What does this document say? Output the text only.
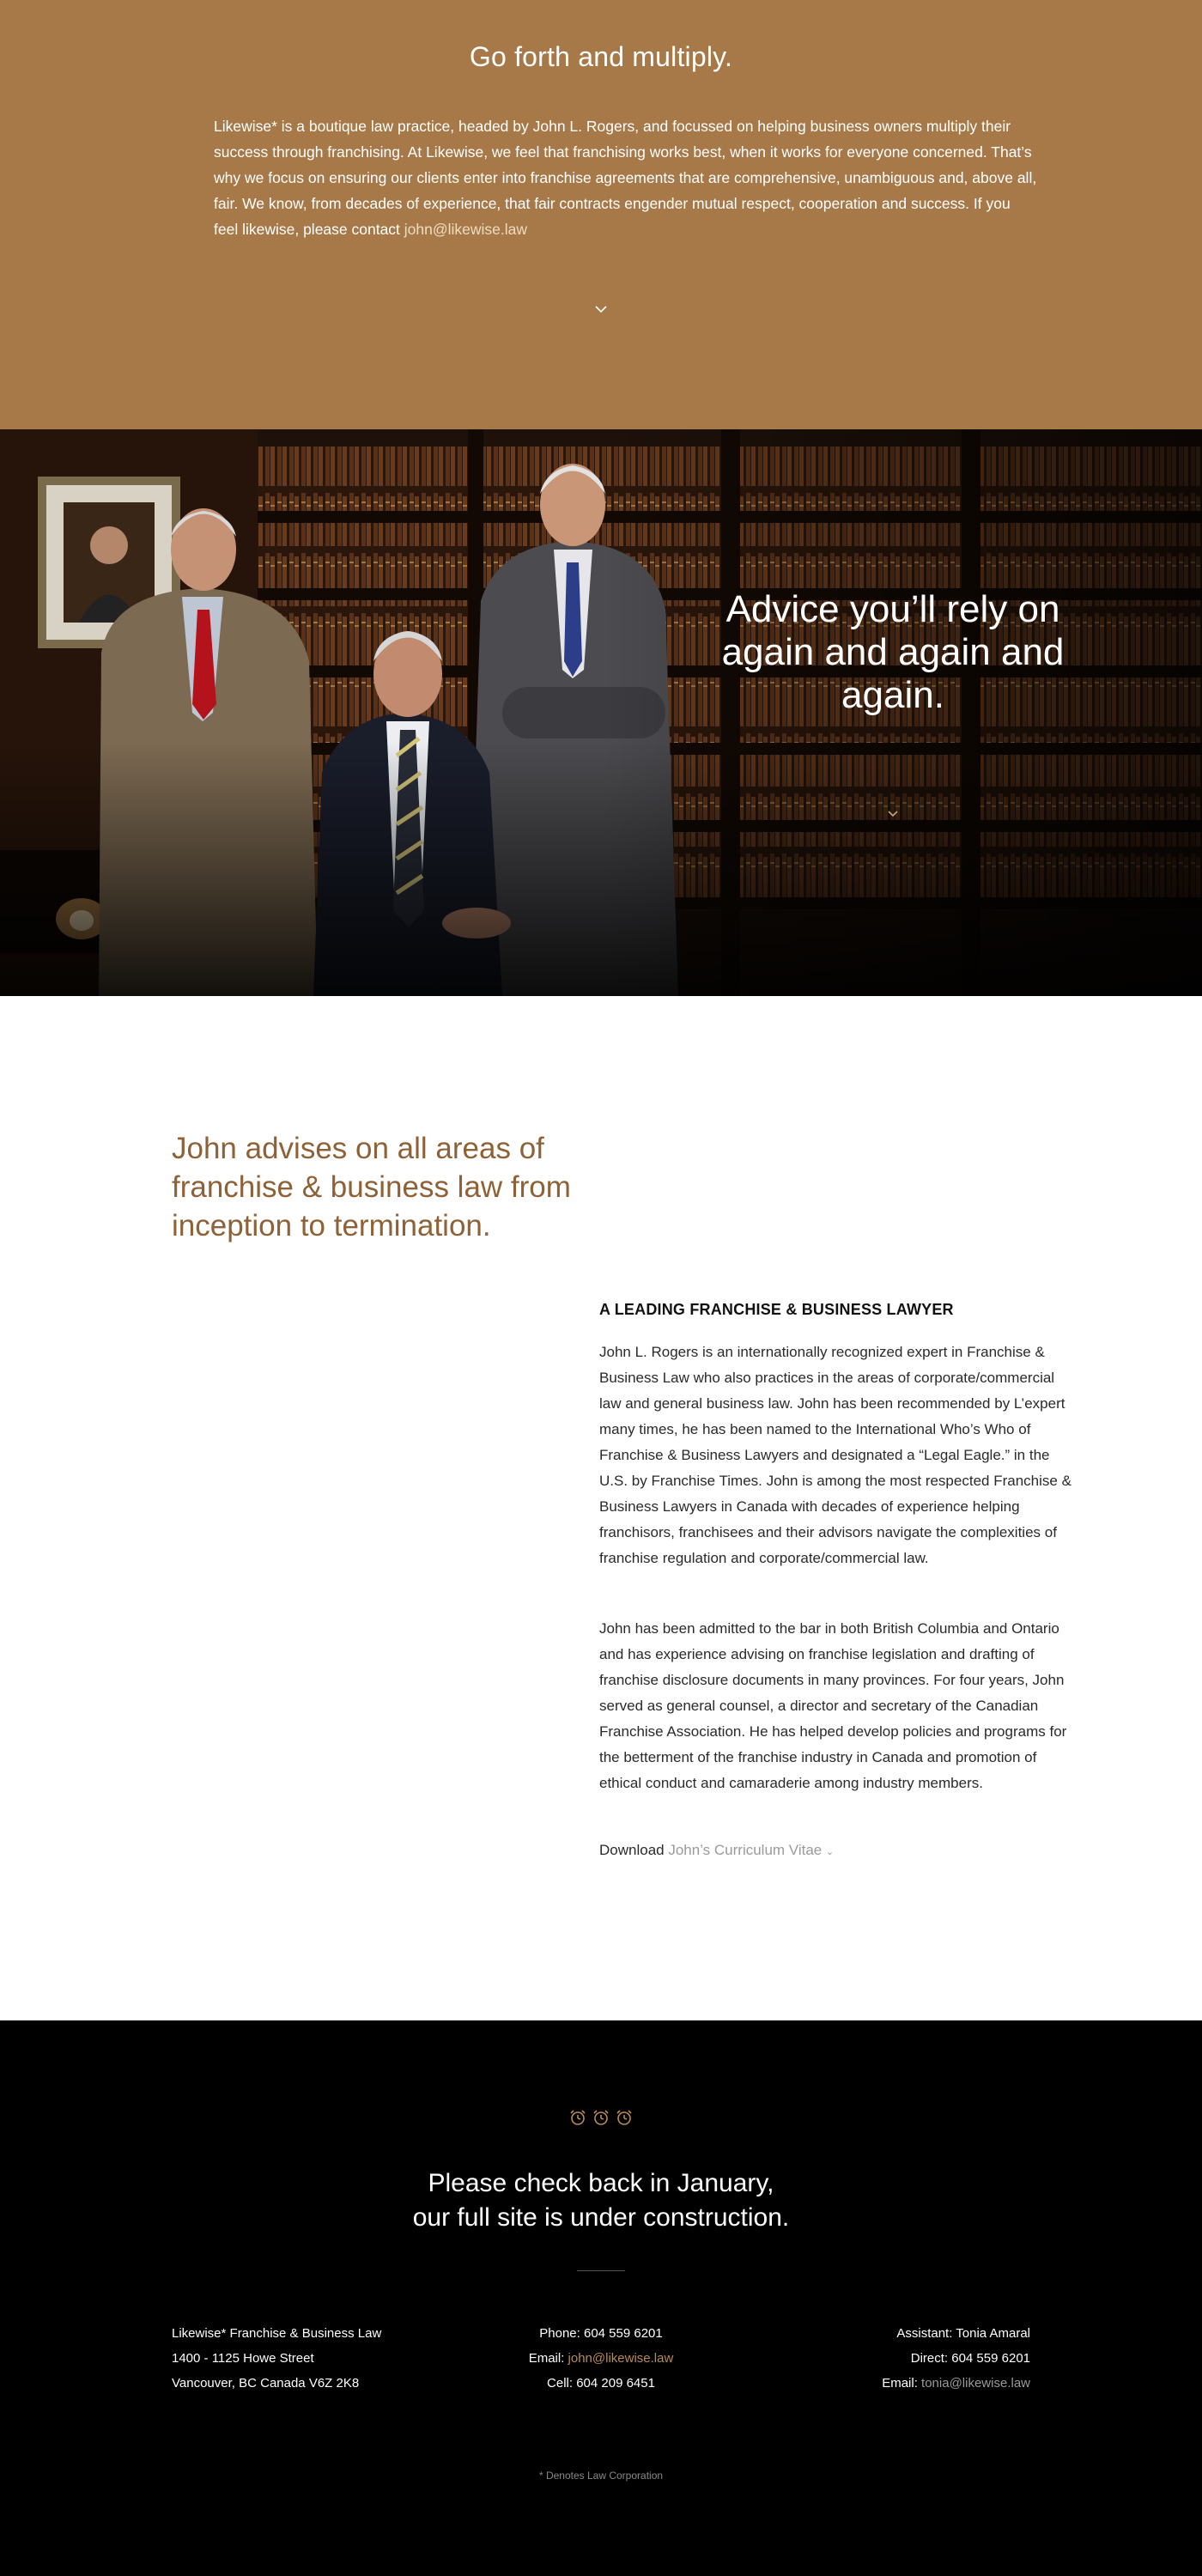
Go forth and multiply.

Likewise* is a boutique law practice, headed by John L. Rogers, and focussed on helping business owners multiply their success through franchising. At Likewise, we feel that franchising works best, when it works for everyone concerned. That’s why we focus on ensuring our clients enter into franchise agreements that are comprehensive, unambiguous and, above all, fair. We know, from decades of experience, that fair contracts engender mutual respect, cooperation and success. If you feel likewise, please contact john@likewise.law

Advice you’ll rely on again and again and again.
John advises on all areas of franchise & business law from inception to termination.
A LEADING FRANCHISE & BUSINESS LAWYER

John L. Rogers is an internationally recognized expert in Franchise & Business Law who also practices in the areas of corporate/commercial law and general business law. John has been recommended by L’expert many times, he has been named to the International Who’s Who of Franchise & Business Lawyers and designated a “Legal Eagle.” in the U.S. by Franchise Times. John is among the most respected Franchise & Business Lawyers in Canada with decades of experience helping franchisors, franchisees and their advisors navigate the complexities of franchise regulation and corporate/commercial law.

John has been admitted to the bar in both British Columbia and Ontario and has experience advising on franchise legislation and drafting of franchise disclosure documents in many provinces. For four years, John served as general counsel, a director and secretary of the Canadian Franchise Association. He has helped develop policies and programs for the betterment of the franchise industry in Canada and promotion of ethical conduct and camaraderie among industry members.

Download John’s Curriculum Vitae ⌄
Please check back in January,
our full site is under construction.
Likewise* Franchise & Business Law
1400 - 1125 Howe Street
Vancouver, BC Canada V6Z 2K8
Phone: 604 559 6201
Email: john@likewise.law
Cell: 604 209 6451
Assistant: Tonia Amaral
Direct: 604 559 6201
Email: tonia@likewise.law
* Denotes Law Corporation
